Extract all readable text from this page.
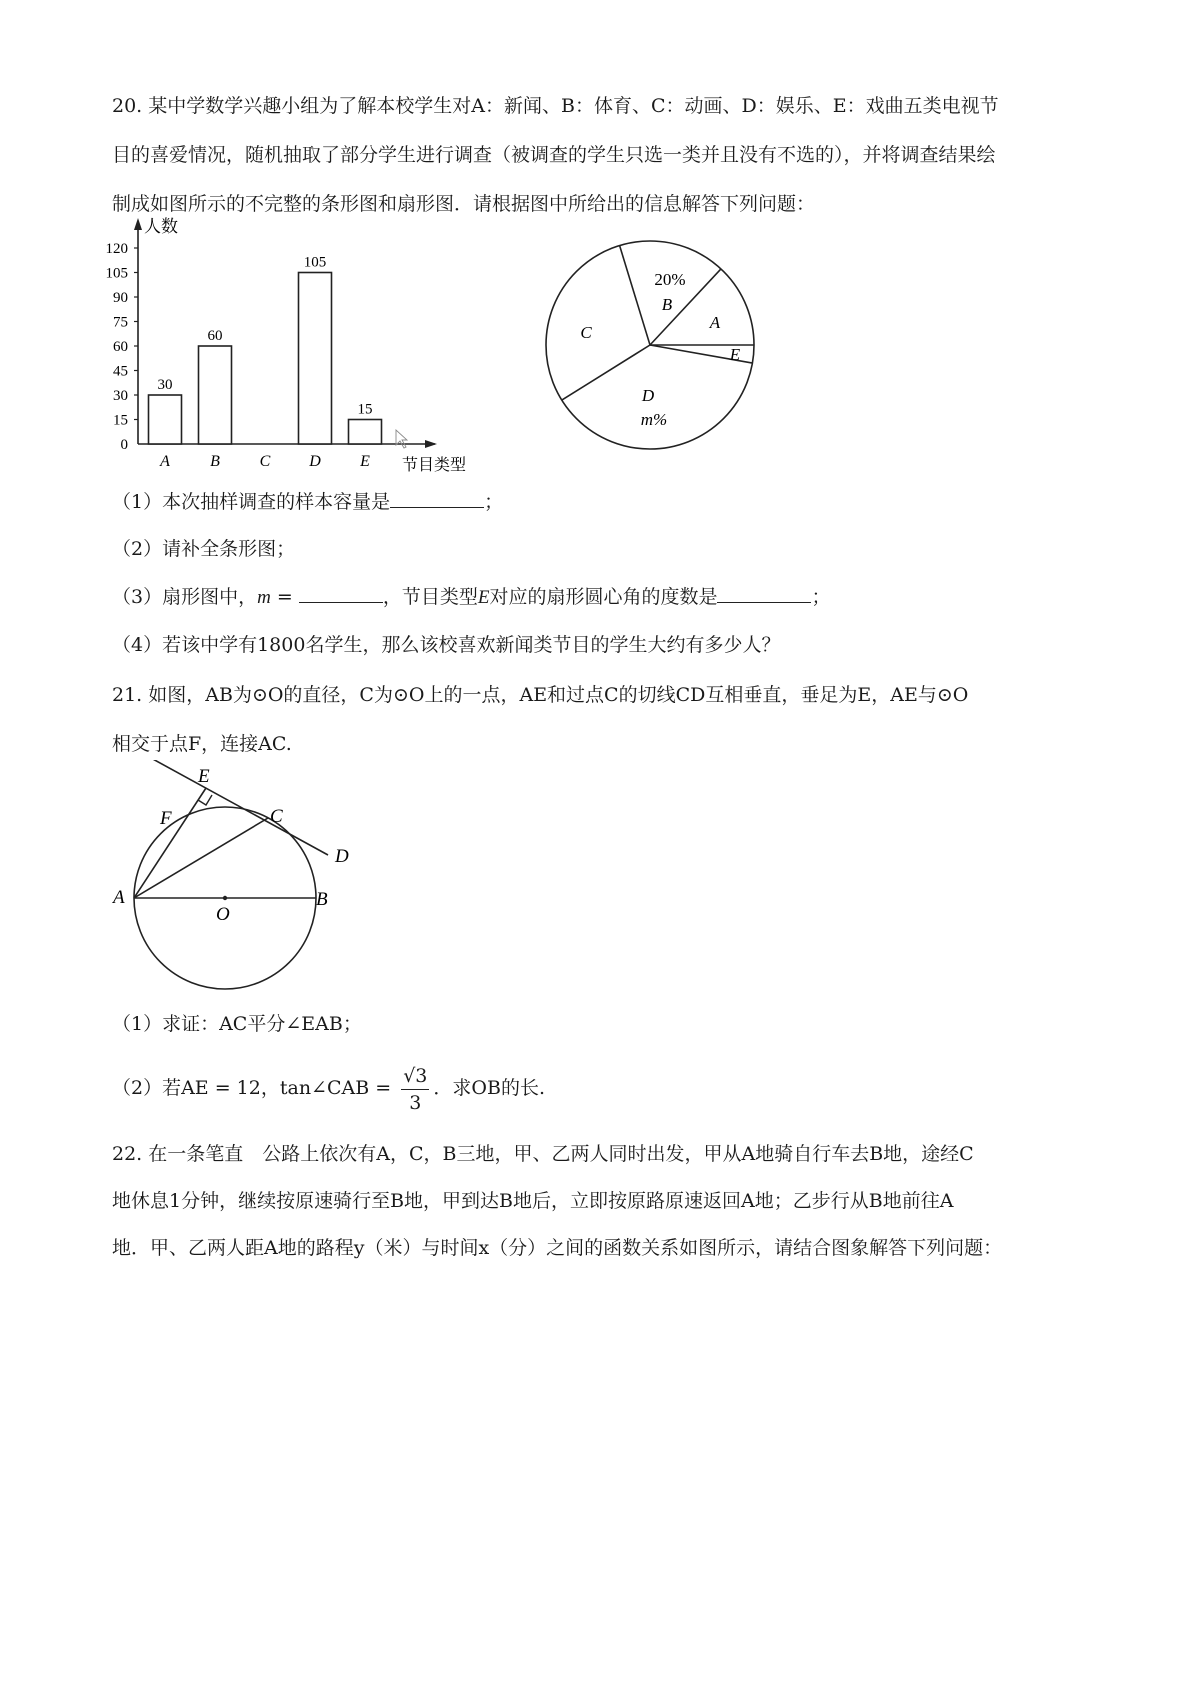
20. 某中学数学兴趣小组为了解本校学生对A：新闻、B：体育、C：动画、D：娱乐、E：戏曲五类电视节
目的喜爱情况，随机抽取了部分学生进行调查（被调查的学生只选一类并且没有不选的），并将调查结果绘
制成如图所示的不完整的条形图和扇形图．请根据图中所给出的信息解答下列问题：
人数
节目类型
0
15
30
45
60
75
90
105
120
30
A
60
B C
105
D
15
E
B
20%
A
E
D
m%
C
（1）本次抽样调查的样本容量是	；
（2）请补全条形图；
（3）扇形图中，m =	，节目类型E对应的扇形圆心角的度数是	；
（4）若该中学有1800名学生，那么该校喜欢新闻类节目的学生大约有多少人？
21. 如图，AB为⊙O的直径，C为⊙O上的一点，AE和过点C的切线CD互相垂直，垂足为E，AE与⊙O
相交于点F，连接AC.
E
F	C
D
A
O
B
（1）求证：AC平分∠EAB；
（2）若AE = 12，tan∠CAB = $\frac{√3}{3}$ ．求OB的长.
22. 在一条笔直　公路上依次有A，C，B三地，甲、乙两人同时出发，甲从A地骑自行车去B地，途经C
地休息1分钟，继续按原速骑行至B地，甲到达B地后，立即按原路原速返回A地；乙步行从B地前往A
地．甲、乙两人距A地的路程y（米）与时间x（分）之间的函数关系如图所示，请结合图象解答下列问题：
